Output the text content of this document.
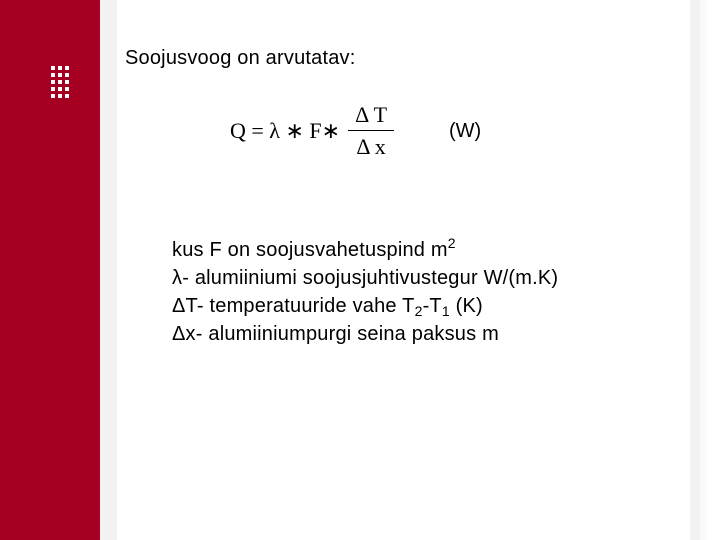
Soojusvoog on arvutatav:

Q = λ ∗ F∗ $\frac{\text{Δ T}}{\text{Δ x}}$	(W)
kus F on soojusvahetuspind $m^2$
λ- alumiiniumi soojusjuhtivustegur W/(m.K)
ΔT- temperatuuride vahe $T_2-T_1$ (K)
Δx- alumiiniumpurgi seina paksus m
